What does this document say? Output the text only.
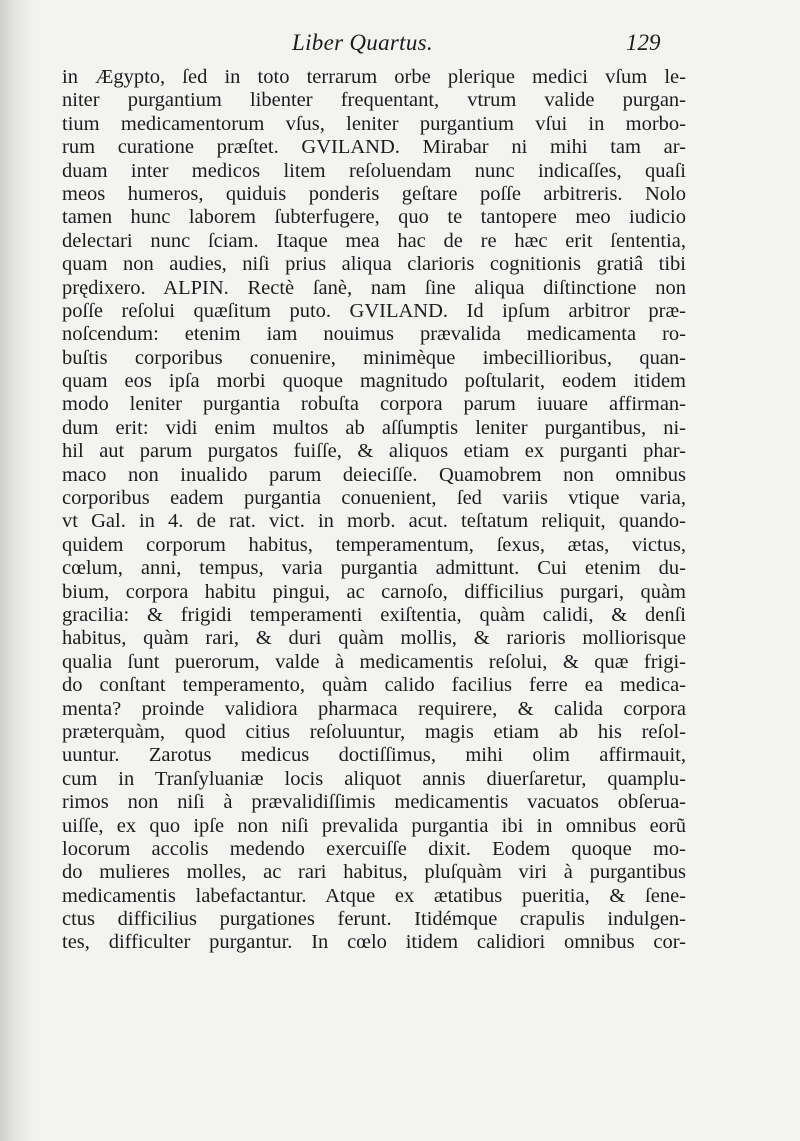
Liber Quartus.	129
in Ægypto, ſed in toto terrarum orbe plerique medici vſum le-
niter purgantium libenter frequentant, vtrum valide purgan-
tium medicamentorum vſus, leniter purgantium vſui in morbo-
rum curatione præſtet. GVILAND. Mirabar ni mihi tam ar-
duam inter medicos litem reſoluendam nunc indicaſſes, quaſi
meos humeros, quiduis ponderis geſtare poſſe arbitreris. Nolo
tamen hunc laborem ſubterfugere, quo te tantopere meo iudicio
delectari nunc ſciam. Itaque mea hac de re hæc erit ſententia,
quam non audies, niſi prius aliqua clarioris cognitionis gratiâ tibi
prędixero. ALPIN. Rectè ſanè, nam ſine aliqua diſtinctione non
poſſe reſolui quæſitum puto. GVILAND. Id ipſum arbitror præ-
noſcendum: etenim iam nouimus prævalida medicamenta ro-
buſtis corporibus conuenire, minimèque imbecillioribus, quan-
quam eos ipſa morbi quoque magnitudo poſtularit, eodem itidem
modo leniter purgantia robuſta corpora parum iuuare affirman-
dum erit: vidi enim multos ab aſſumptis leniter purgantibus, ni-
hil aut parum purgatos fuiſſe, & aliquos etiam ex purganti phar-
maco non inualido parum deieciſſe. Quamobrem non omnibus
corporibus eadem purgantia conuenient, ſed variis vtique varia,
vt Gal. in 4. de rat. vict. in morb. acut. teſtatum reliquit, quando-
quidem corporum habitus, temperamentum, ſexus, ætas, victus,
cœlum, anni, tempus, varia purgantia admittunt. Cui etenim du-
bium, corpora habitu pingui, ac carnoſo, difficilius purgari, quàm
gracilia: & frigidi temperamenti exiſtentia, quàm calidi, & denſi
habitus, quàm rari, & duri quàm mollis, & rarioris molliorisque
qualia ſunt puerorum, valde à medicamentis reſolui, & quæ frigi-
do conſtant temperamento, quàm calido facilius ferre ea medica-
menta? proinde validiora pharmaca requirere, & calida corpora
præterquàm, quod citius reſoluuntur, magis etiam ab his reſol-
uuntur. Zarotus medicus doctiſſimus, mihi olim affirmauit,
cum in Tranſyluaniæ locis aliquot annis diuerſaretur, quamplu-
rimos non niſi à prævalidiſſimis medicamentis vacuatos obſerua-
uiſſe, ex quo ipſe non niſi prevalida purgantia ibi in omnibus eorũ
locorum accolis medendo exercuiſſe dixit. Eodem quoque mo-
do mulieres molles, ac rari habitus, pluſquàm viri à purgantibus
medicamentis labefactantur. Atque ex ætatibus pueritia, & ſene-
ctus difficilius purgationes ferunt. Itidémque crapulis indulgen-
tes, difficulter purgantur. In cœlo itidem calidiori omnibus cor-
